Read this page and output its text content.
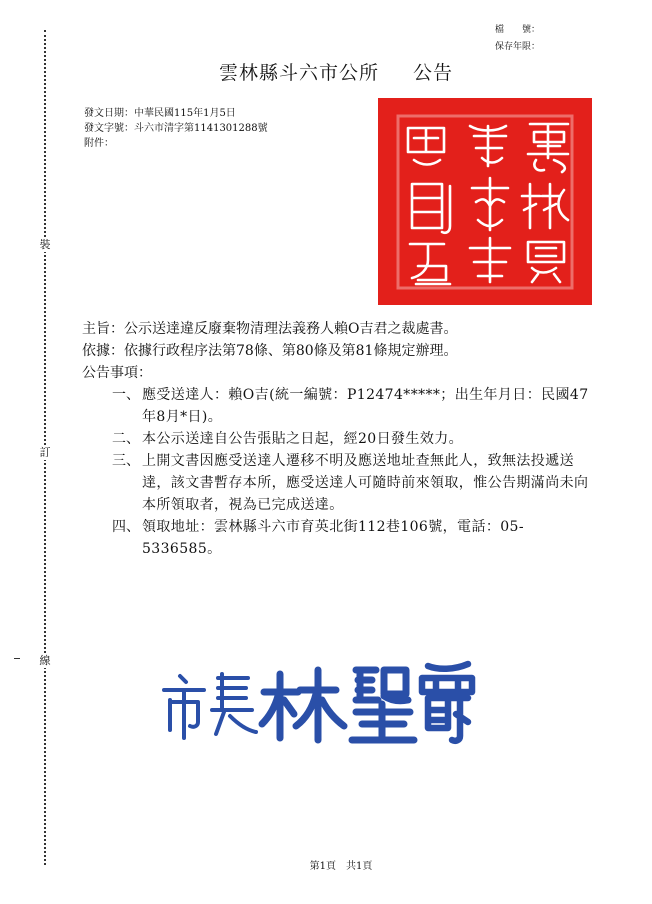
裝
訂
線
檔　　號：
保存年限：
雲林縣斗六市公所 公告
發文日期：中華民國115年1月5日
發文字號：斗六市清字第1141301288號
附件：

主旨：公示送達違反廢棄物清理法義務人賴O吉君之裁處書。

依據：依據行政程序法第78條、第80條及第81條規定辦理。

公告事項：

一、 應受送達人：賴O吉(統一編號：P12474*****；出生年月日：民國47年8月*日)。
二、 本公示送達自公告張貼之日起，經20日發生效力。
三、 上開文書因應受送達人遷移不明及應送地址查無此人，致無法投遞送達，該文書暫存本所，應受送達人可隨時前來領取，惟公告期滿尚未向本所領取者，視為已完成送達。
四、 領取地址：雲林縣斗六市育英北街112巷106號，電話：05-5336585。
第1頁　共1頁
